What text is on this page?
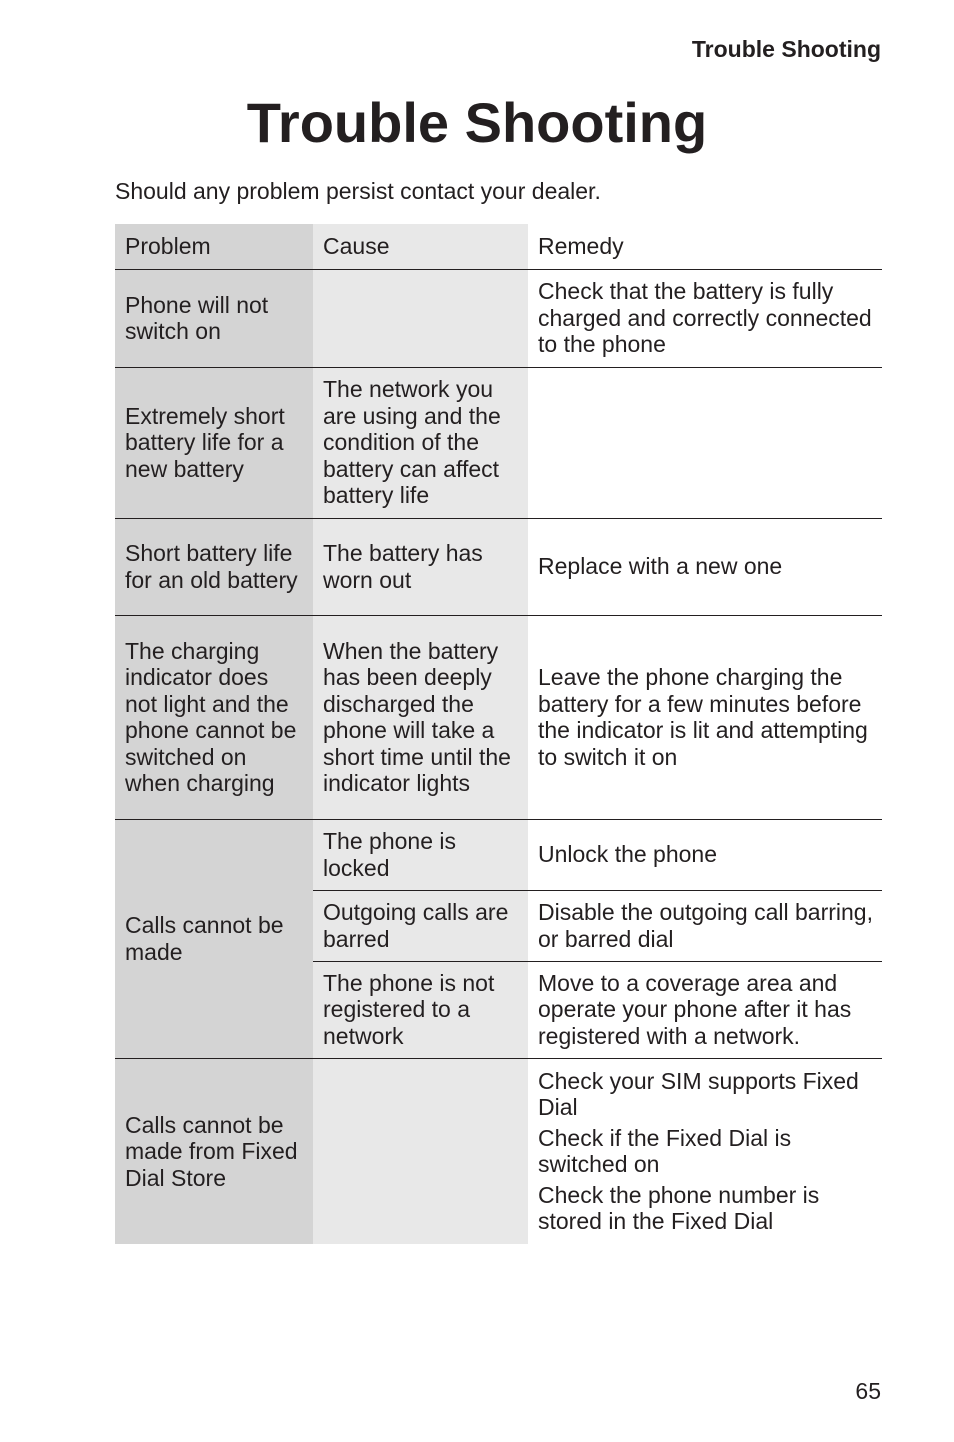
Trouble Shooting
Trouble Shooting

Should any problem persist contact your dealer.

Problem	Cause	Remedy
Phone will not switch on		Check that the battery is fully charged and correctly connected to the phone
Extremely short battery life for a new battery	The network you are using and the condition of the battery can affect battery life	
Short battery life for an old battery	The battery has worn out	Replace with a new one
The charging indicator does not light and the phone cannot be switched on when charging	When the battery has been deeply discharged the phone will take a short time until the indicator lights	Leave the phone charging the battery for a few minutes before the indicator is lit and attempting to switch it on
Calls cannot be made	The phone is locked	Unlock the phone
	Outgoing calls are barred	Disable the outgoing call barring, or barred dial
	The phone is not registered to a network	Move to a coverage area and operate your phone after it has registered with a network.
Calls cannot be made from Fixed Dial Store		Check your SIM supports Fixed Dial
Check if the Fixed Dial is switched on
Check the phone number is stored in the Fixed Dial
65
